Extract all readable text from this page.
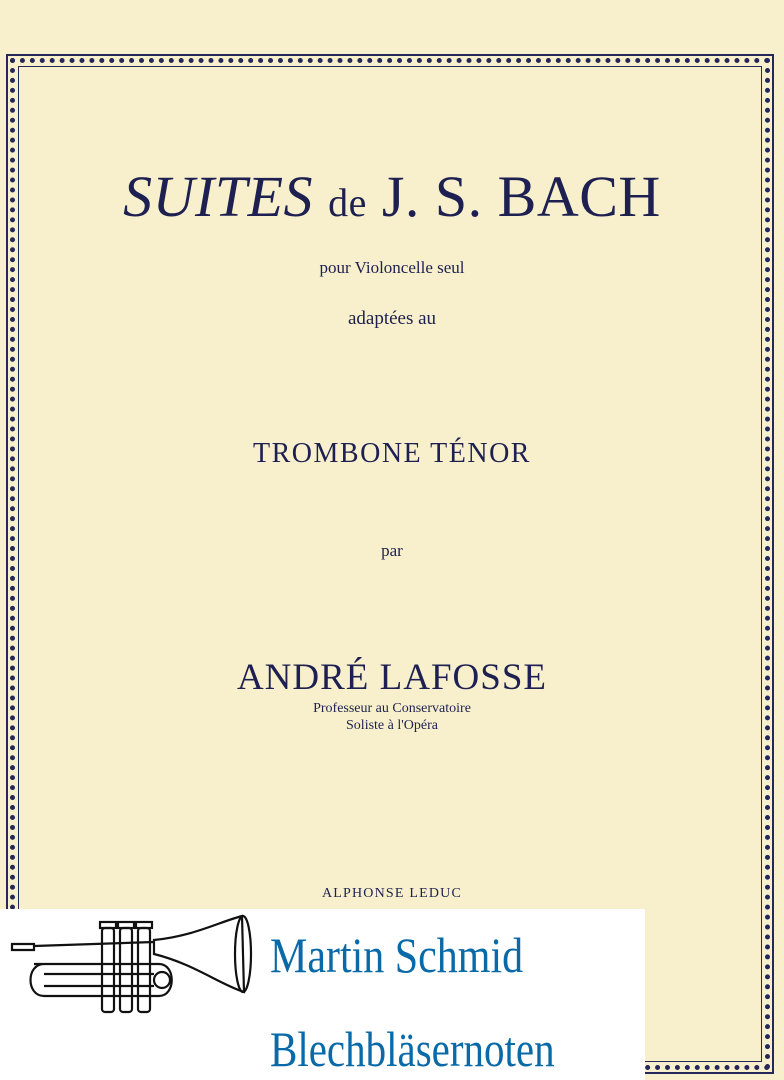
SUITES de J. S. BACH
pour Violoncelle seul
adaptées au
TROMBONE TÉNOR
par
ANDRÉ LAFOSSE
Professeur au Conservatoire
Soliste à l'Opéra
ALPHONSE LEDUC
Martin Schmid
Blechbläsernoten
